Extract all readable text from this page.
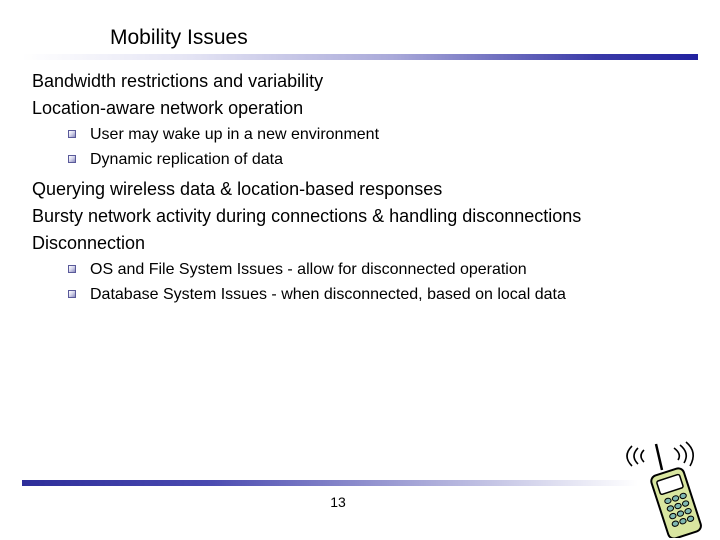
Mobility Issues
Bandwidth restrictions and variability
Location-aware network operation
User may wake up in a new environment
Dynamic replication of data
Querying wireless data & location-based responses
Bursty network activity during connections & handling disconnections
Disconnection
OS and File System Issues - allow for disconnected operation
Database System Issues - when disconnected, based on local data
13
